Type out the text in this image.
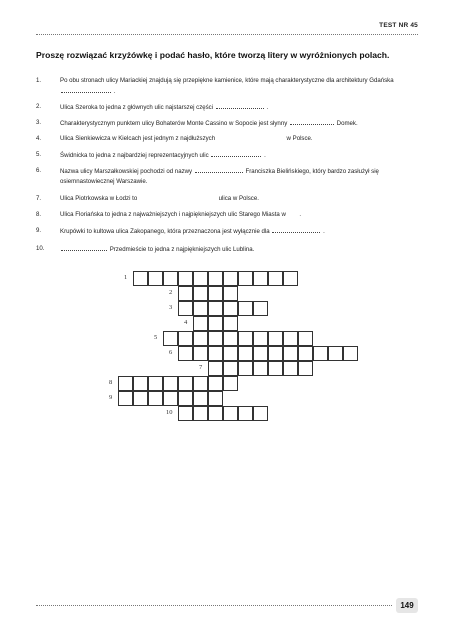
TEST NR 45
Proszę rozwiązać krzyżówkę i podać hasło, które tworzą litery w wyróżnionych polach.
1.	Po obu stronach ulicy Mariackiej znajdują się przepiękne kamienice, które mają charakterystyczne dla architektury Gdańska  .
2.	Ulica Szeroka to jedna z głównych ulic najstarszej części	.
3.	Charakterystycznym punktem ulicy Bohaterów Monte Cassino w Sopocie jest słynny	Domek.
4.	Ulica Sienkiewicza w Kielcach jest jednym z najdłuższych	w Polsce.
5.	Świdnicka to jedna z najbardziej reprezentacyjnych ulic	.
6.	Nazwa ulicy Marszałkowskiej pochodzi od nazwy	Franciszka Bielińskiego, który bardzo zasłużył się osiemnastowiecznej Warszawie.
7.	Ulica Piotrkowska w Łodzi to	ulica w Polsce.
8.	Ulica Floriańska to jedna z najważniejszych i najpiękniejszych ulic Starego Miasta w .
9.	Krupówki to kultowa ulica Zakopanego, która przeznaczona jest wyłącznie dla	.
10.	Przedmieście to jedna z najpiękniejszych ulic Lublina.
1
2
3
4
5
6
7
8
9
10
149
